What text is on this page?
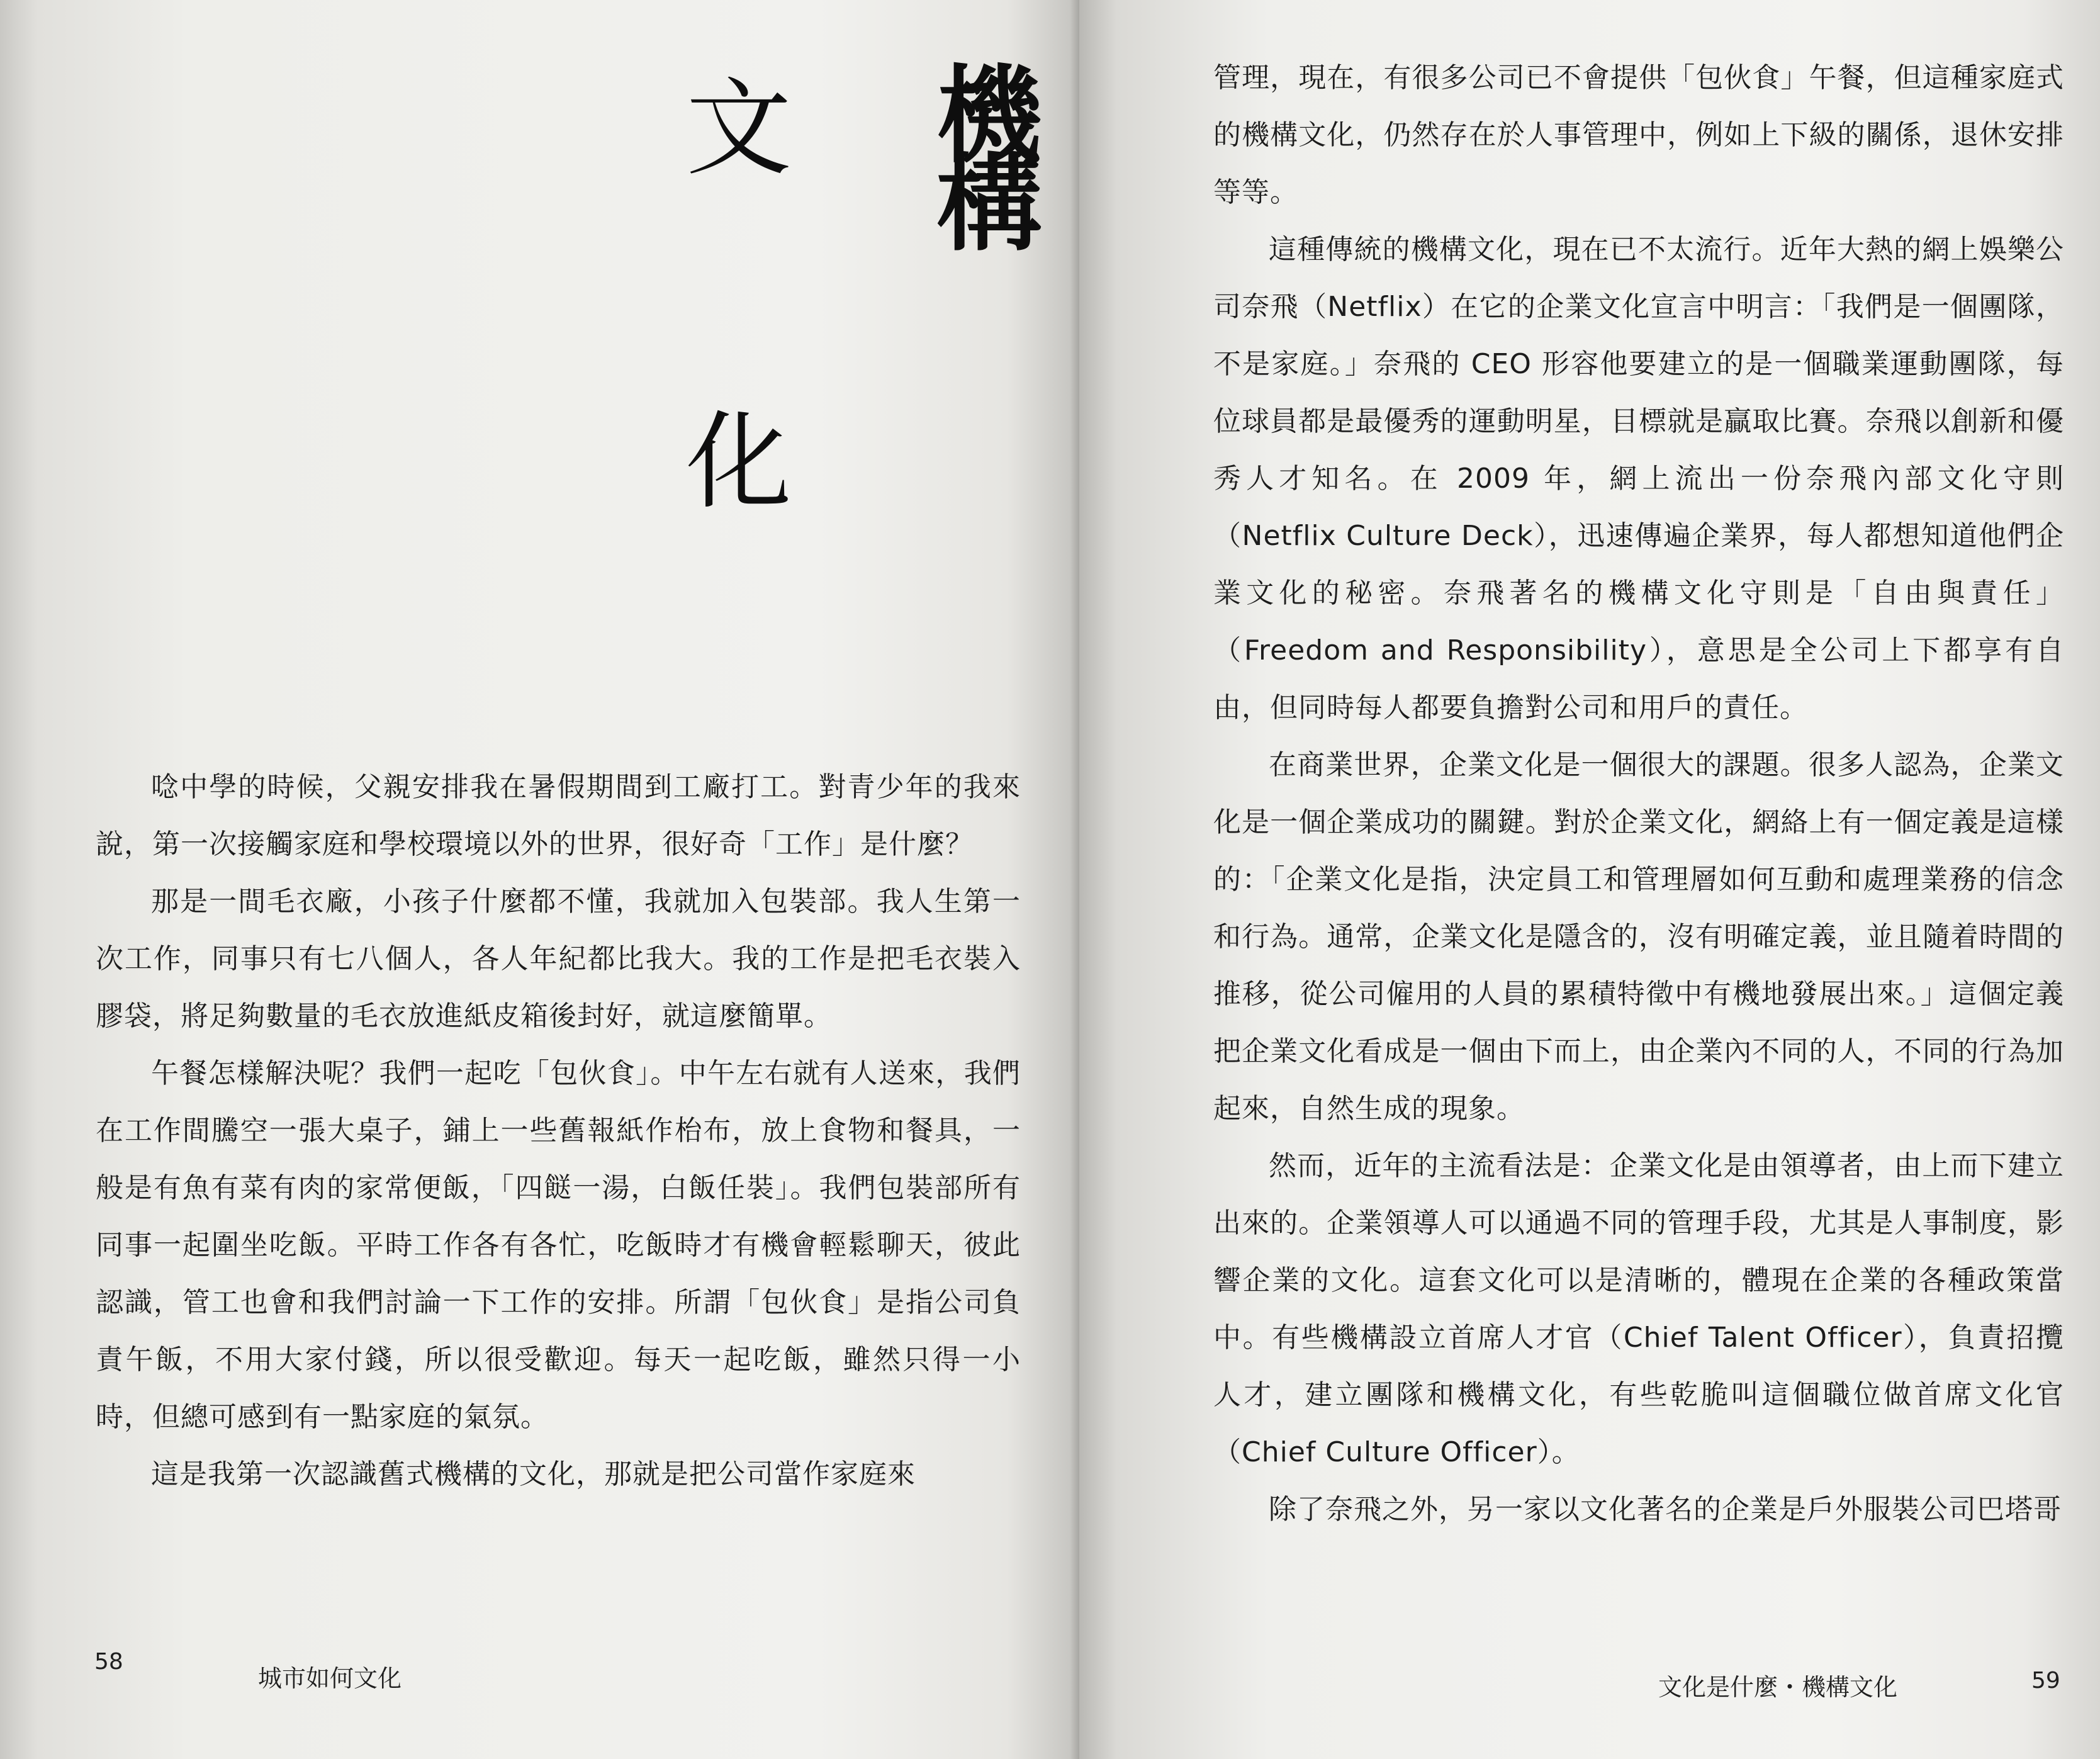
機
構
文
化

唸中學的時候，父親安排我在暑假期間到工廠打工。對青少年的我來說，第一次接觸家庭和學校環境以外的世界，很好奇「工作」是什麼？

那是一間毛衣廠，小孩子什麼都不懂，我就加入包裝部。我人生第一次工作，同事只有七八個人，各人年紀都比我大。我的工作是把毛衣裝入膠袋，將足夠數量的毛衣放進紙皮箱後封好，就這麼簡單。

午餐怎樣解決呢？我們一起吃「包伙食」。中午左右就有人送來，我們在工作間騰空一張大桌子，鋪上一些舊報紙作枱布，放上食物和餐具，一般是有魚有菜有肉的家常便飯，「四餸一湯，白飯任裝」。我們包裝部所有同事一起圍坐吃飯。平時工作各有各忙，吃飯時才有機會輕鬆聊天，彼此認識，管工也會和我們討論一下工作的安排。所謂「包伙食」是指公司負責午飯，不用大家付錢，所以很受歡迎。每天一起吃飯，雖然只得一小時，但總可感到有一點家庭的氣氛。

這是我第一次認識舊式機構的文化，那就是把公司當作家庭來

58
城市如何文化

管理，現在，有很多公司已不會提供「包伙食」午餐，但這種家庭式的機構文化，仍然存在於人事管理中，例如上下級的關係，退休安排等等。

這種傳統的機構文化，現在已不太流行。近年大熱的網上娛樂公司奈飛（Netflix）在它的企業文化宣言中明言：「我們是一個團隊，不是家庭。」奈飛的 CEO 形容他要建立的是一個職業運動團隊，每位球員都是最優秀的運動明星，目標就是贏取比賽。奈飛以創新和優秀人才知名。在 2009 年，網上流出一份奈飛內部文化守則（Netflix Culture Deck），迅速傳遍企業界，每人都想知道他們企業文化的秘密。奈飛著名的機構文化守則是「自由與責任」（Freedom and Responsibility），意思是全公司上下都享有自由，但同時每人都要負擔對公司和用戶的責任。

在商業世界，企業文化是一個很大的課題。很多人認為，企業文化是一個企業成功的關鍵。對於企業文化，網絡上有一個定義是這樣的：「企業文化是指，決定員工和管理層如何互動和處理業務的信念和行為。通常，企業文化是隱含的，沒有明確定義，並且隨着時間的推移，從公司僱用的人員的累積特徵中有機地發展出來。」這個定義把企業文化看成是一個由下而上，由企業內不同的人，不同的行為加起來，自然生成的現象。

然而，近年的主流看法是：企業文化是由領導者，由上而下建立出來的。企業領導人可以通過不同的管理手段，尤其是人事制度，影響企業的文化。這套文化可以是清晰的，體現在企業的各種政策當中。有些機構設立首席人才官（Chief Talent Officer），負責招攬人才，建立團隊和機構文化，有些乾脆叫這個職位做首席文化官（Chief Culture Officer）。

除了奈飛之外，另一家以文化著名的企業是戶外服裝公司巴塔哥

文化是什麼・機構文化	59
